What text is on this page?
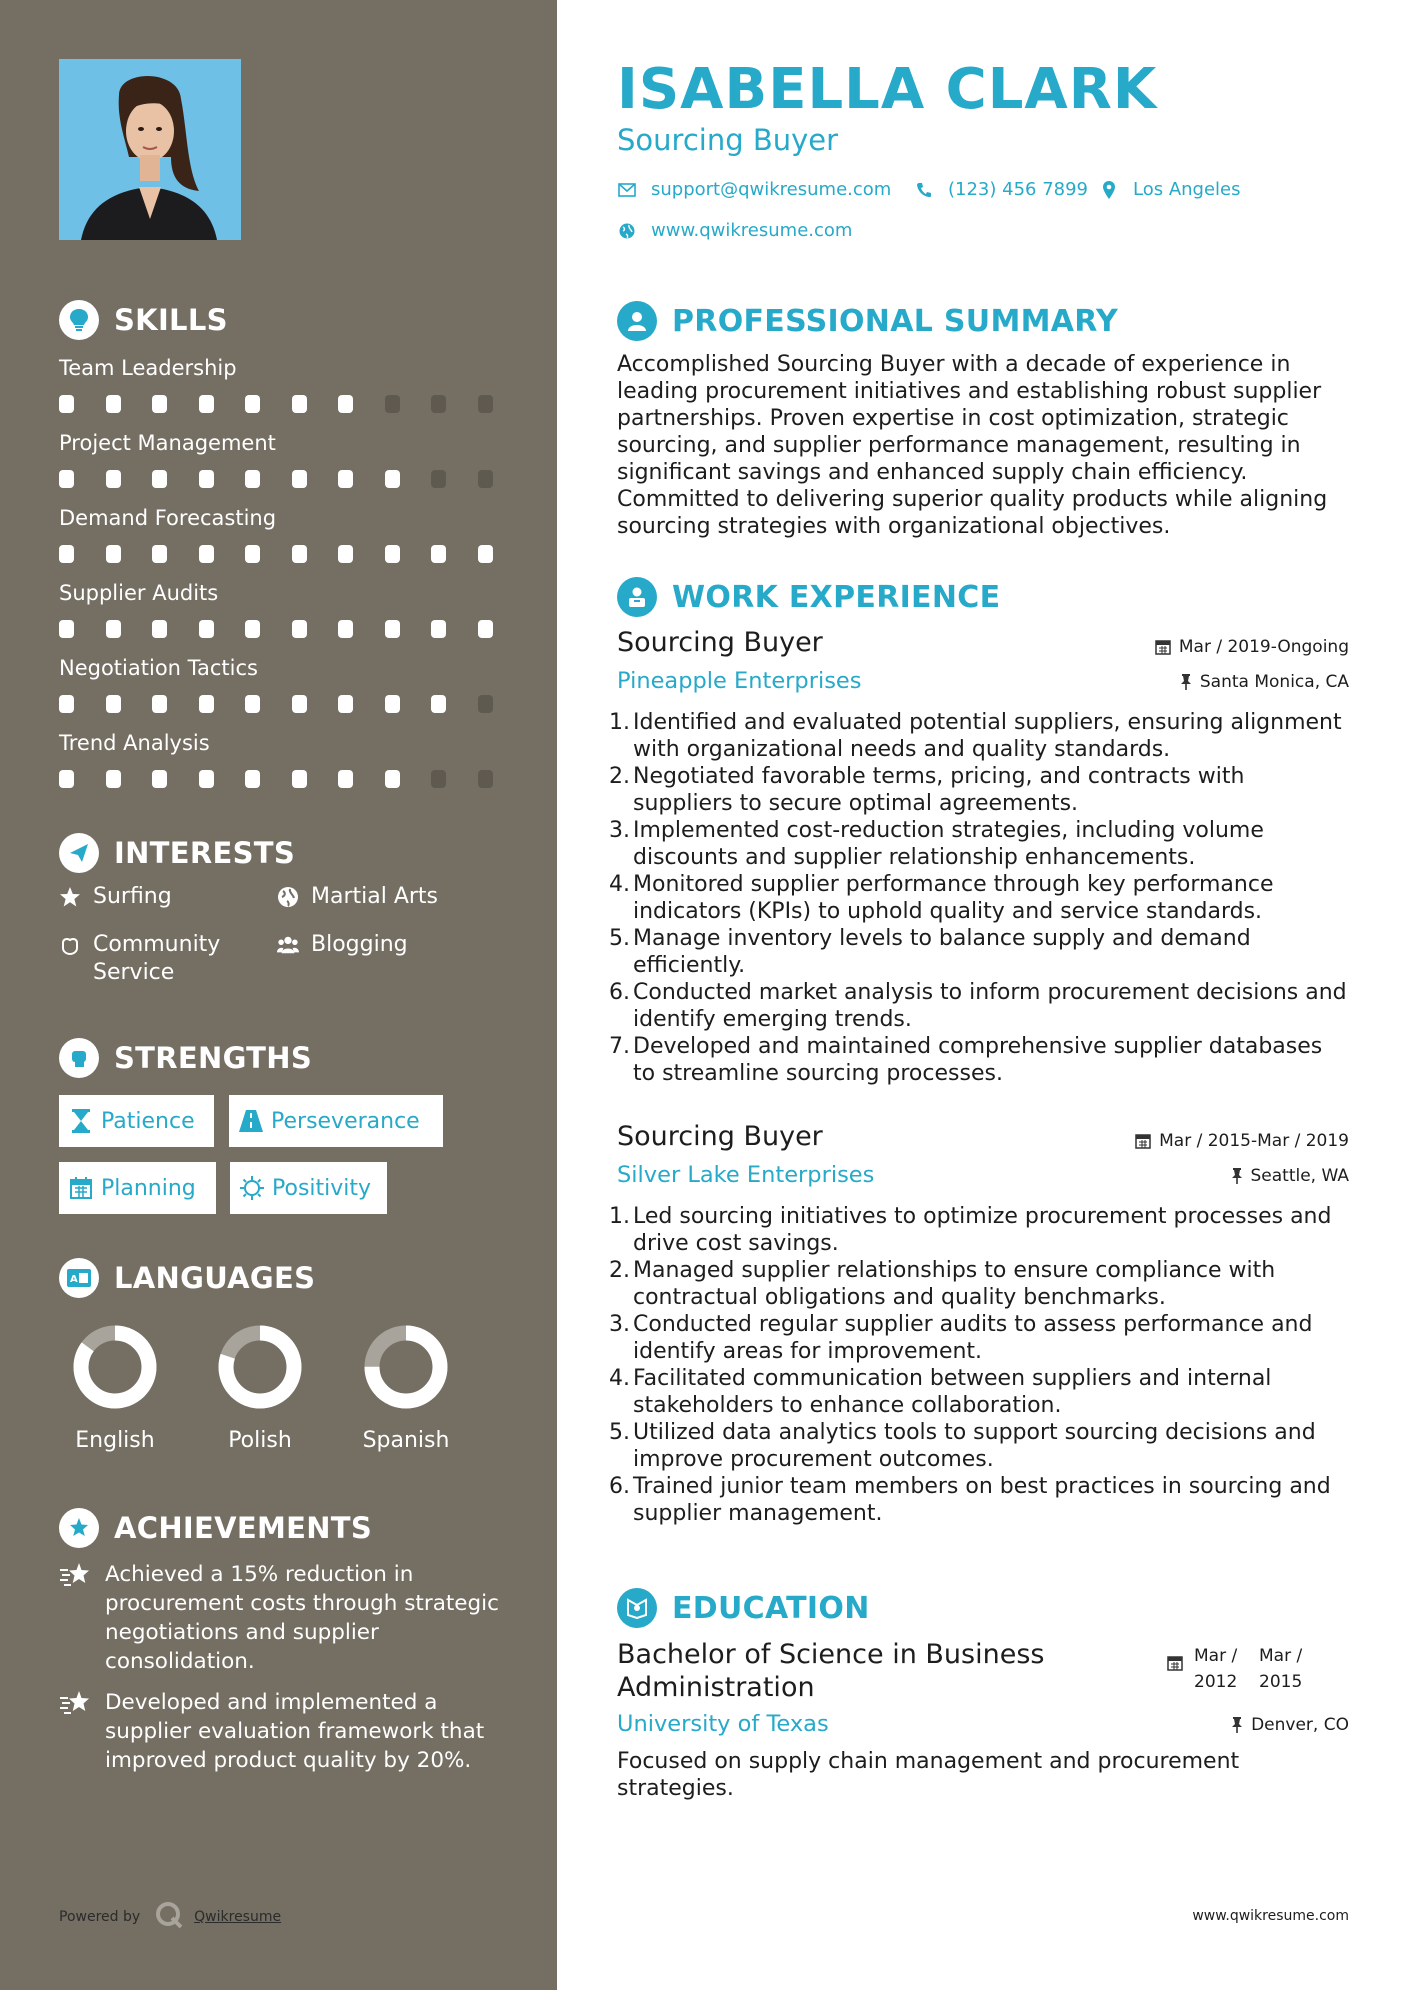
SKILLS
Team Leadership
Project Management
Demand Forecasting
Supplier Audits
Negotiation Tactics
Trend Analysis
INTERESTS
Surfing	Martial Arts
Community Service
Blogging
STRENGTHS
Patience	Perseverance
Planning	Positivity
A LANGUAGES
English	Polish	Spanish
ACHIEVEMENTS
Achieved a 15% reduction in procurement costs through strategic negotiations and supplier consolidation.
Developed and implemented a supplier evaluation framework that improved product quality by 20%.
Powered by	Qwikresume
ISABELLA CLARK
Sourcing Buyer
support@qwikresume.com	(123) 456 7899 Los Angeles
www.qwikresume.com
PROFESSIONAL SUMMARY
Accomplished Sourcing Buyer with a decade of experience in leading procurement initiatives and establishing robust supplier partnerships. Proven expertise in cost optimization, strategic sourcing, and supplier performance management, resulting in significant savings and enhanced supply chain efficiency. Committed to delivering superior quality products while aligning sourcing strategies with organizational objectives.
WORK EXPERIENCE
Sourcing Buyer	Mar / 2019-Ongoing
Pineapple Enterprises	Santa Monica, CA
1. Identified and evaluated potential suppliers, ensuring alignment with organizational needs and quality standards.
2. Negotiated favorable terms, pricing, and contracts with suppliers to secure optimal agreements.
3. Implemented cost-reduction strategies, including volume discounts and supplier relationship enhancements.
4. Monitored supplier performance through key performance indicators (KPIs) to uphold quality and service standards.
5. Manage inventory levels to balance supply and demand efficiently.
6. Conducted market analysis to inform procurement decisions and identify emerging trends.
7. Developed and maintained comprehensive supplier databases to streamline sourcing processes.
Sourcing Buyer	Mar / 2015-Mar / 2019
Silver Lake Enterprises	Seattle, WA
1. Led sourcing initiatives to optimize procurement processes and drive cost savings.
2. Managed supplier relationships to ensure compliance with contractual obligations and quality benchmarks.
3. Conducted regular supplier audits to assess performance and identify areas for improvement.
4. Facilitated communication between suppliers and internal stakeholders to enhance collaboration.
5. Utilized data analytics tools to support sourcing decisions and improve procurement outcomes.
6. Trained junior team members on best practices in sourcing and supplier management.
EDUCATION
Bachelor of Science in Business Administration
Mar / 2012
Mar / 2015
University of Texas	Denver, CO
Focused on supply chain management and procurement strategies.
www.qwikresume.com
